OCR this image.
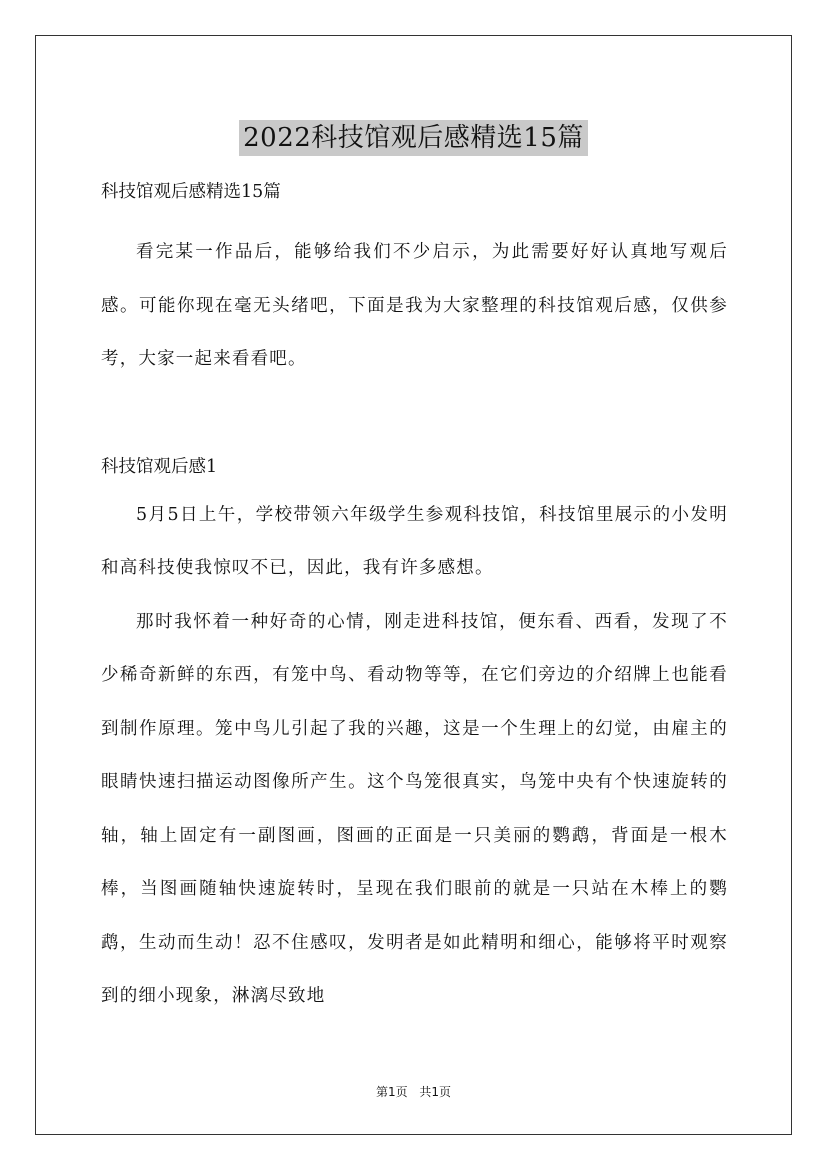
2022科技馆观后感精选15篇

科技馆观后感精选15篇

看完某一作品后，能够给我们不少启示，为此需要好好认真地写观后感。可能你现在毫无头绪吧，下面是我为大家整理的科技馆观后感，仅供参考，大家一起来看看吧。

科技馆观后感1

5月5日上午，学校带领六年级学生参观科技馆，科技馆里展示的小发明和高科技使我惊叹不已，因此，我有许多感想。

那时我怀着一种好奇的心情，刚走进科技馆，便东看、西看，发现了不少稀奇新鲜的东西，有笼中鸟、看动物等等，在它们旁边的介绍牌上也能看到制作原理。笼中鸟儿引起了我的兴趣，这是一个生理上的幻觉，由雇主的眼睛快速扫描运动图像所产生。这个鸟笼很真实，鸟笼中央有个快速旋转的轴，轴上固定有一副图画，图画的正面是一只美丽的鹦鹉，背面是一根木棒，当图画随轴快速旋转时，呈现在我们眼前的就是一只站在木棒上的鹦鹉，生动而生动！忍不住感叹，发明者是如此精明和细心，能够将平时观察到的细小现象，淋漓尽致地

第1页 共1页
